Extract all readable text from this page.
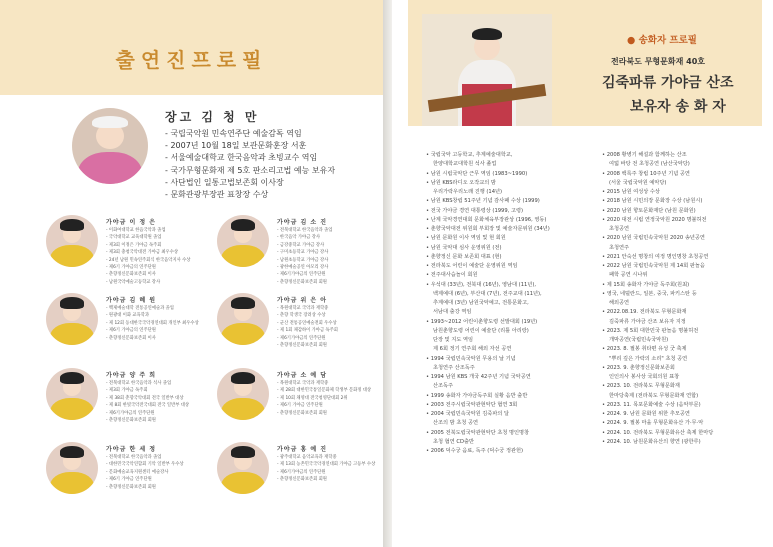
출연진프로필
장고 김 청 만
- 국립국악원 민속연주단 예술감독 역임
- 2007년 10월 18일 보관문화훈장 서훈
- 서울예술대학교 한국음악과 초빙교수 역임
- 국가무형문화재 제 5호 판소리고법 예능 보유자
- 사단법인 일통고법보존회 이사장
- 문화관광부장관 표창장 수상
가야금 이 정 은
- 이화여대학교 한음국악과 졸업
- 국악대학교 교육대학원 졸업
- 제3회 이정은 가야금 독주회
- 제3회 충청국악대전 가야금 최우수상
- 24년 남원 민속연주회식 한국음악지사 수상
- 제6기 가야금의 연주단원
- 춘향정신문화보존회 이사
- 남원국악예술고등학교 강사
가야금 김 소 진
- 전북대학교 한국음악과 졸업
- 한국음악 가야금 강사
- 금강중학교 가야금 강사
- 구미초등학교 가야금 강사
- 남원초등학교 가야금 강사
- 광한예술공연 아모리 강사
- 제6기가야금의 연주단원
- 춘향정신문화보존회 회원
가야금 김 혜 원
- 백제예술대학 전통공연예술과 졸업
- 원광대 이화 교육학과
- 제 12회 동대한국국악경연대회 개인부 최우수상
- 제6기 가야금의 연주단원
- 춘향정신문화보존회 이사
가야금 위 은 아
- 목원대학교 국악과 재학중
- 춘향 학생국 장려상 수상
- 군산 전통공연예술전회 우수상
- 제 1회 채감하이 가야금 독주회
- 제6기가야금의 연주단원
- 춘향정신문화보존회 회원
가야금 양 주 희
- 전북대학교 한국음악과 석사 졸업
- 제3회 가야금 독주회
- 제 38회 춘향국악대회 전국 일반부 대상
- 제 8회 한빛국악전국대회 전국 일반부 대상
- 제6기가야금의 연주단원
- 춘향정신문화보존회 회원
가야금 소 예 담
- 목원대학교 국악과 재학중
- 제 28회 대한민국통일문화체 학생부 문화정 대상
- 제 10회 채영대 전국청영단대회 2위
- 제6기 가야금 연주단원
- 춘향정신문화보존회 회원
가야금 한 세 정
- 전북대학교 한국음악과 졸업
- 대한민국국악연합회 기악 일반부 우수상
- 문화예술교육지원센터 예술강사
- 제6기 가야금 연주단원
- 춘향정신문화보존회 회원
가야금 홍 예 진
- 광주대학교 음악교육과 재학중
- 제 13회 농촌민국국악경연대회 가야금 고등부 수상
- 제6기가야금의 연주단원
- 춘향정신문화보존회 회원
● 송화자 프로필
전라북도 무형문화재 40호
김죽파류 가야금 산조
보유자 송 화 자
• 국립국악 고등학교, 추계예술대학교,
한양대학교대학원 석사 졸업
• 남원 시립국악단 근무 역임 (1983~1990)
• 남원 KBS라디오 오작교의 밤
우리가락우리노래 진행 (14년)
• 남원 KBS창립 51주년 기념 감사패 수상 (1999)
• 전국 가야금 경연 대통령상 (1999, 고령)
• 난계 국악경연대회 문화체육부장관상 (1996, 영동)
• 춘향국악대전 위원회 부회장 및 예술자문위원 (34년)
• 남원 문화원 이사 역임 및 현 회원
• 남원 국악대 심사 운영위원 (전)
• 춘향정신 문화 보존회 대표 (현)
• 전라북도 어린이 예술단 운영위원 역임
• 전주대사습놀이 회원
• 우석대 (33년), 전북대 (16년), 영남대 (11년),
백제예대 (6년), 부산대 (7년), 전주교대 (11년),
추계예대 (3년) 남원국악예고, 전통문화고,
서남대 출강 역임
• 1993~2012 어린이춘향도령 선발대회 (19년)
남원춘향도령 어린이 예술단 (리틀 아리랑)
단장 및 지도 역임
제 6회 정기 연주회 해외 자선 공연
• 1994 국립민속국악원 무용의 날 기념
초청연주 산조독주
• 1994 남원 KBS 개국 42주년 기념 국악공연
산조독주
• 1999 송화자 가야금독주회 실황 음반 출반
• 2003 전주시립국악관현악단 협연 3회
• 2004 국립민속국악원 김죽파의 달
산조의 밤 초청 공연
• 2005 전북도립국악관현악단 초청 명인명창
초청 협연 CD출반
• 2006 덕수궁 음료, 독주 (덕수궁 정관헌)
• 2008 황병기 해설과 함께하는 산조
여덟 바탕 전 초청공연 (남산국악당)
• 2008 백록주 창립 10주년 기념 공연
(서울 국립국악원 예악당)
• 2015 남원 여성상 수상
• 2018 남원 시민의장 문화장 수상 (남원시)
• 2020 남원 향토문화재단 (남원 문화원)
• 2020 대전 시립 연정국악원 2020 명불허전
초청공연
• 2020 남원 국립민속국악원 2020 송년공연
초청연주
• 2021 안숙선 명창의 여정 명인명창 초청공연
• 2022 남원 국립민속국악원 제 14회 판놀음
패학 공연 시나위
• 제 15회 송화자 가야금 독주회(원최)
• 영국, 네덜란드, 일본, 중국, 파키스탄 등
해외공연
• 2022.08.19. 전라북도 무형문화재
김죽파류 가야금 산조 보유자 지정
• 2023. 제 5회 대한민국 판놀음 명불허전
개막공연(국립민속국악원)
• 2023. 8. 필봉 취타편 유성 굿 축제
"뿌리 깊은 가락의 소리" 초청 공연
• 2023. 9. 춘향정신문화보존회
인인의사 봉사상 국회의원 표창
• 2023. 10. 전라북도 무형문화재
한마당축제 (전라북도 무형문화재 연합)
• 2023. 11. 목포문화예술 수상 (음악부문)
• 2024. 9. 남원 문화원 위한 추모공연
• 2024. 9. 필봉 마을 무형문화유산 가·무·악
• 2024. 10. 전라북도 무형문화유산 축제 한마당
• 2024. 10. 남원문화유산의 향연 (광한루)
